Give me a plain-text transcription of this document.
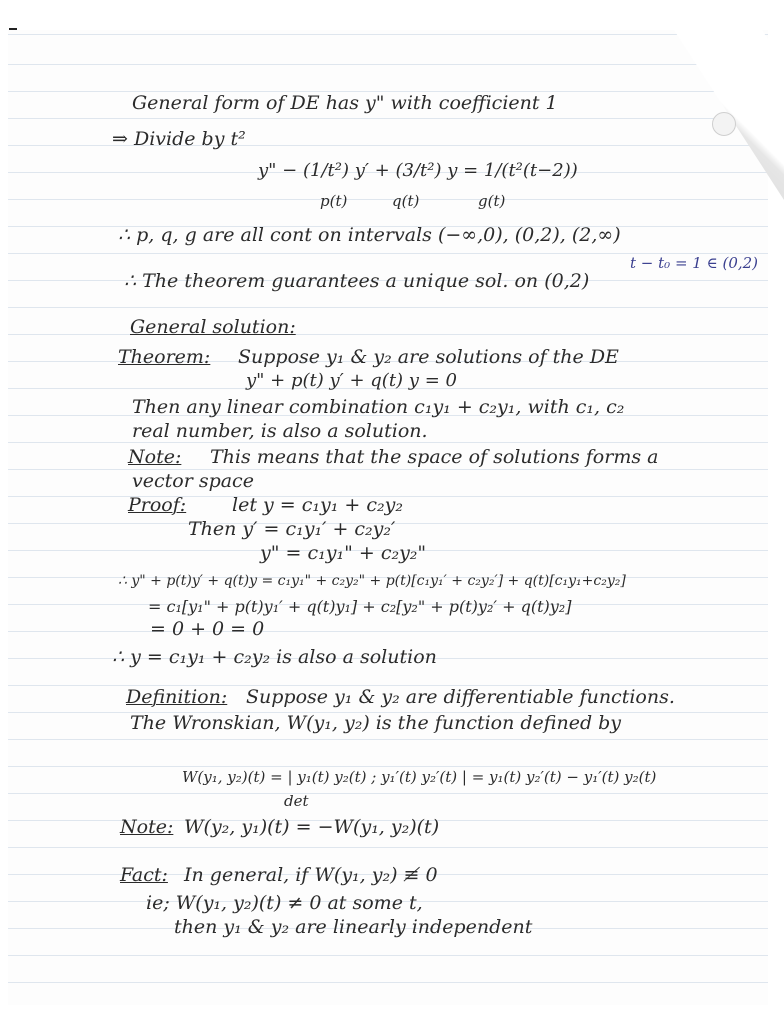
General form of DE has y" with coefficient 1
⇒ Divide by t²
y" − (1/t²) y′ + (3/t²) y = 1/(t²(t−2))
p(t)	q(t)	g(t)
∴ p, q, g are all cont on intervals (−∞,0), (0,2), (2,∞)
t − t₀ = 1 ∈ (0,2)
∴ The theorem guarantees a unique sol. on (0,2)
General solution:
Theorem: Suppose y₁ & y₂ are solutions of the DE
y" + p(t) y′ + q(t) y = 0
Then any linear combination c₁y₁ + c₂y₁, with c₁, c₂
real number, is also a solution.
Note: This means that the space of solutions forms a
vector space
Proof: let y = c₁y₁ + c₂y₂
Then y′ = c₁y₁′ + c₂y₂′
y" = c₁y₁" + c₂y₂"
∴ y" + p(t)y′ + q(t)y = c₁y₁" + c₂y₂" + p(t)[c₁y₁′ + c₂y₂′] + q(t)[c₁y₁+c₂y₂]
= c₁[y₁" + p(t)y₁′ + q(t)y₁] + c₂[y₂" + p(t)y₂′ + q(t)y₂]
= 0 + 0 = 0
∴ y = c₁y₁ + c₂y₂ is also a solution
Definition: Suppose y₁ & y₂ are differentiable functions.
The Wronskian, W(y₁, y₂) is the function defined by
W(y₁, y₂)(t) = | y₁(t) y₂(t) ; y₁′(t) y₂′(t) | = y₁(t) y₂′(t) − y₁′(t) y₂(t)
det
Note: W(y₂, y₁)(t) = −W(y₁, y₂)(t)
Fact: In general, if W(y₁, y₂) ≢ 0
ie; W(y₁, y₂)(t) ≠ 0 at some t,
then y₁ & y₂ are linearly independent
